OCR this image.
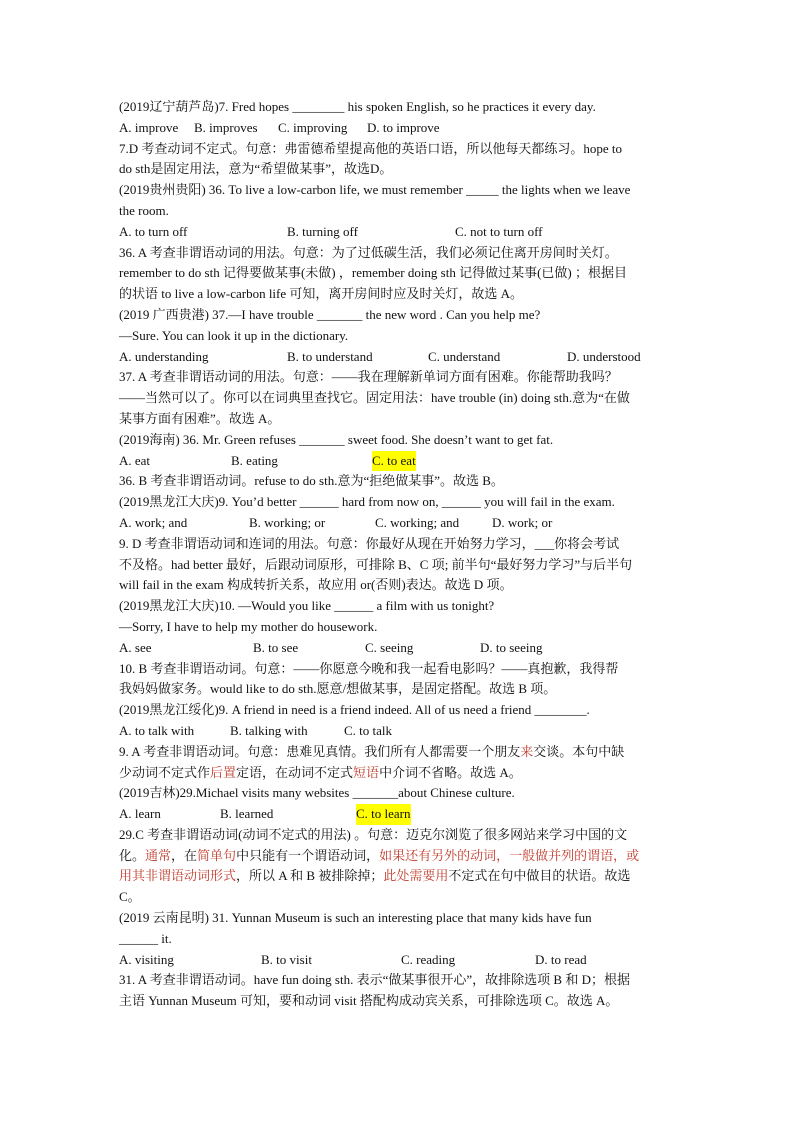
(2019辽宁葫芦岛)7. Fred hopes ________ his spoken English, so he practices it every day.
A. improve	B. improves	C. improving	D. to improve
7.D 考查动词不定式。句意：弗雷德希望提高他的英语口语，所以他每天都练习。hope to
do sth是固定用法，意为“希望做某事”，故选D。
(2019贵州贵阳) 36. To live a low-carbon life, we must remember _____ the lights when we leave
the room.
A. to turn off	B. turning off	C. not to turn off
36. A 考查非谓语动词的用法。句意：为了过低碳生活，我们必须记住离开房间时关灯。
remember to do sth 记得要做某事(未做) ，remember doing sth 记得做过某事(已做) ；根据目
的状语 to live a low-carbon life 可知，离开房间时应及时关灯，故选 A。
(2019 广西贵港) 37.—I have trouble _______ the new word . Can you help me?
—Sure. You can look it up in the dictionary.
A. understanding	B. to understand	C. understand	D. understood
37. A 考查非谓语动词的用法。句意：——我在理解新单词方面有困难。你能帮助我吗？
——当然可以了。你可以在词典里查找它。固定用法：have trouble (in) doing sth.意为“在做
某事方面有困难”。故选 A。
(2019海南) 36. Mr. Green refuses _______ sweet food. She doesn’t want to get fat.
A. eat	B. eating	C. to eat
36. B 考查非谓语动词。refuse to do sth.意为“拒绝做某事”。故选 B。
(2019黑龙江大庆)9. You’d better ______ hard from now on, ______ you will fail in the exam.
A. work; and	B. working; or	C. working; and	D. work; or
9. D 考查非谓语动词和连词的用法。句意：你最好从现在开始努力学习，___你将会考试
不及格。had better 最好，后跟动词原形，可排除 B、C 项; 前半句“最好努力学习”与后半句
will fail in the exam 构成转折关系，故应用 or(否则)表达。故选 D 项。
(2019黑龙江大庆)10. —Would you like ______ a film with us tonight?
—Sorry, I have to help my mother do housework.
A. see	B. to see	C. seeing	D. to seeing
10. B 考查非谓语动词。句意：——你愿意今晚和我一起看电影吗？——真抱歉，我得帮
我妈妈做家务。would like to do sth.愿意/想做某事，是固定搭配。故选 B 项。
(2019黑龙江绥化)9. A friend in need is a friend indeed. All of us need a friend ________.
A. to talk with	B. talking with	C. to talk
9. A 考查非谓语动词。句意：患难见真情。我们所有人都需要一个朋友来交谈。本句中缺
少动词不定式作后置定语，在动词不定式短语中介词不省略。故选 A。
(2019吉林)29.Michael visits many websites _______about Chinese culture.
A. learn	B. learned	C. to learn
29.C 考查非谓语动词(动词不定式的用法) 。句意：迈克尔浏览了很多网站来学习中国的文
化。通常，在简单句中只能有一个谓语动词，如果还有另外的动词，一般做并列的谓语，或
用其非谓语动词形式，所以 A 和 B 被排除掉；此处需要用不定式在句中做目的状语。故选
C。
(2019 云南昆明) 31. Yunnan Museum is such an interesting place that many kids have fun
______ it.
A. visiting	B. to visit	C. reading	D. to read
31. A 考查非谓语动词。have fun doing sth. 表示“做某事很开心”，故排除选项 B 和 D；根据
主语 Yunnan Museum 可知，要和动词 visit 搭配构成动宾关系，可排除选项 C。故选 A。
